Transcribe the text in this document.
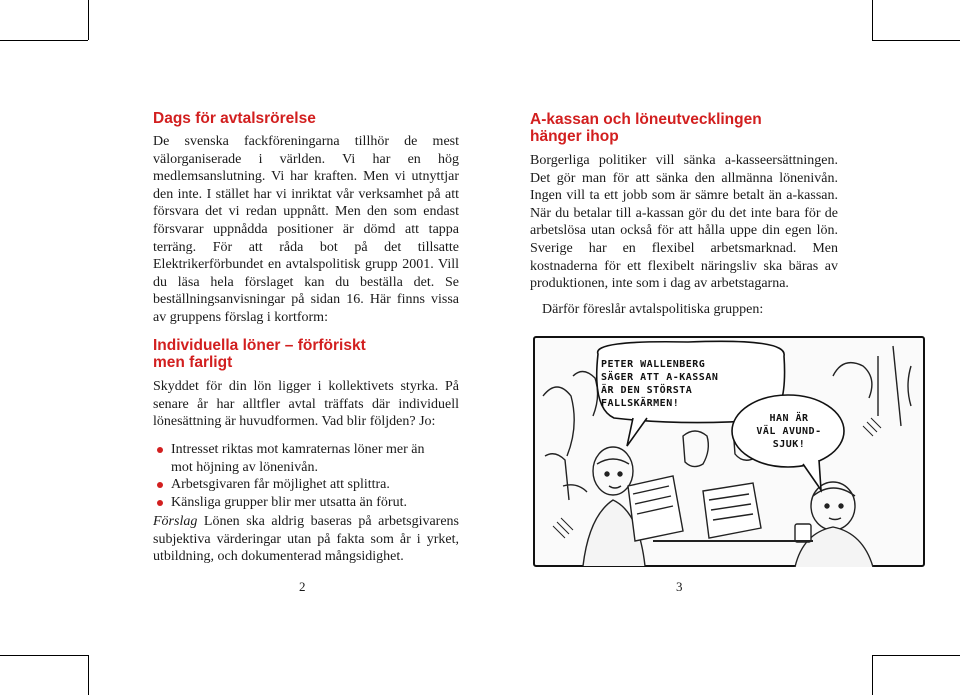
Dags för avtalsrörelse

De svenska fackföreningarna tillhör de mest välorganiserade i världen. Vi har en hög medlemsanslutning. Vi har kraften. Men vi utnyttjar den inte. I stället har vi inriktat vår verksamhet på att försvara det vi redan uppnått. Men den som endast försvarar uppnådda positioner är dömd att tappa terräng. För att råda bot på det tillsatte Elektrikerförbundet en avtalspolitisk grupp 2001. Vill du läsa hela förslaget kan du beställa det. Se beställningsanvisningar på sidan 16. Här finns vissa av gruppens förslag i kortform:

Individuella löner – förföriskt
men farligt

Skyddet för din lön ligger i kollektivets styrka. På senare år har alltfler avtal träffats där individuell lönesättning är huvudformen. Vad blir följden? Jo:

Intresset riktas mot kamraternas löner mer än
mot höjning av lönenivån.
Arbetsgivaren får möjlighet att splittra.
Känsliga grupper blir mer utsatta än förut.

Förslag Lönen ska aldrig baseras på arbetsgivarens subjektiva värderingar utan på fakta som år i yrket, utbildning, och dokumenterad mångsidighet.

2
A-kassan och löneutvecklingen
hänger ihop

Borgerliga politiker vill sänka a-kasseersättningen. Det gör man för att sänka den allmänna lönenivån. Ingen vill ta ett jobb som är sämre betalt än a-kassan. När du betalar till a-kassan gör du det inte bara för de arbetslösa utan också för att hålla uppe din egen lön. Sverige har en flexibel arbetsmarknad. Men kostnaderna för ett flexibelt näringsliv ska bäras av produktionen, inte som i dag av arbetstagarna.

Därför föreslår avtalspolitiska gruppen:

3
PETER WALLENBERG
SÄGER ATT A-KASSAN
ÄR DEN STÖRSTA
FALLSKÄRMEN!
HAN ÄR
VÄL AVUND-
SJUK!
